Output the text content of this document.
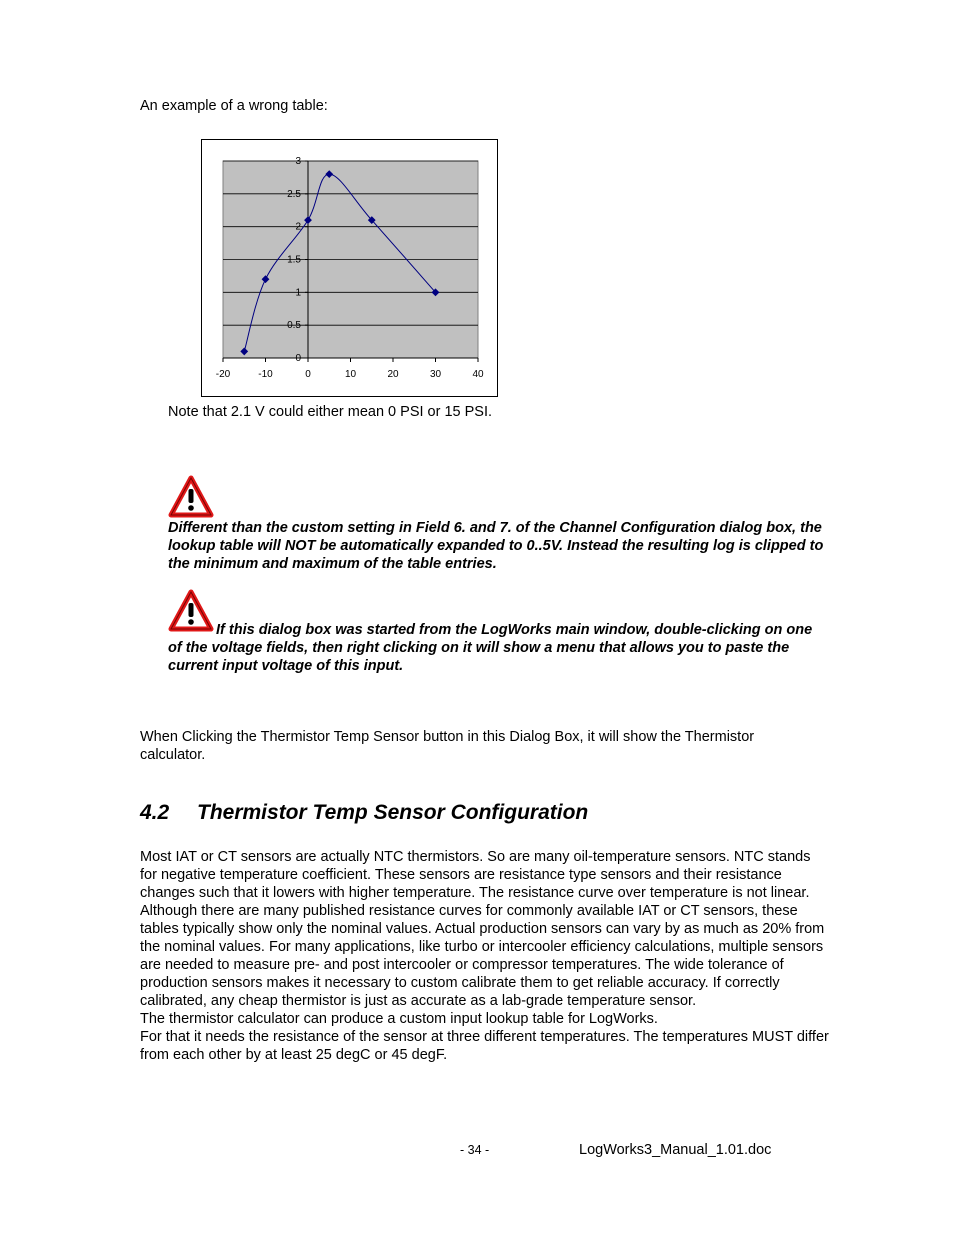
An example of a wrong table:
0
0.5
1
1.5
2
2.5
3
-20	-10	0	10	20	30	40
Note that 2.1 V could either mean 0 PSI or 15 PSI.
Different than the custom setting in Field 6. and 7. of the Channel Configuration dialog box, the lookup table will NOT be automatically expanded to 0..5V. Instead the resulting log is clipped to the minimum and maximum of the table entries.
If this dialog box was started from the LogWorks main window, double-clicking on one of the voltage fields, then right clicking on it will show a menu that allows you to paste the current input voltage of this input.
When Clicking the Thermistor Temp Sensor button in this Dialog Box, it will show the Thermistor calculator.
4.2 Thermistor Temp Sensor Configuration

Most IAT or CT sensors are actually NTC thermistors. So are many oil-temperature sensors. NTC stands for negative temperature coefficient. These sensors are resistance type sensors and their resistance changes such that it lowers with higher temperature. The resistance curve over temperature is not linear.

Although there are many published resistance curves for commonly available IAT or CT sensors, these tables typically show only the nominal values. Actual production sensors can vary by as much as 20% from the nominal values. For many applications, like turbo or intercooler efficiency calculations, multiple sensors are needed to measure pre- and post intercooler or compressor temperatures. The wide tolerance of production sensors makes it necessary to custom calibrate them to get reliable accuracy. If correctly calibrated, any cheap thermistor is just as accurate as a lab-grade temperature sensor.

The thermistor calculator can produce a custom input lookup table for LogWorks.

For that it needs the resistance of the sensor at three different temperatures. The temperatures MUST differ from each other by at least 25 degC or 45 degF.

- 34 -	LogWorks3_Manual_1.01.doc
